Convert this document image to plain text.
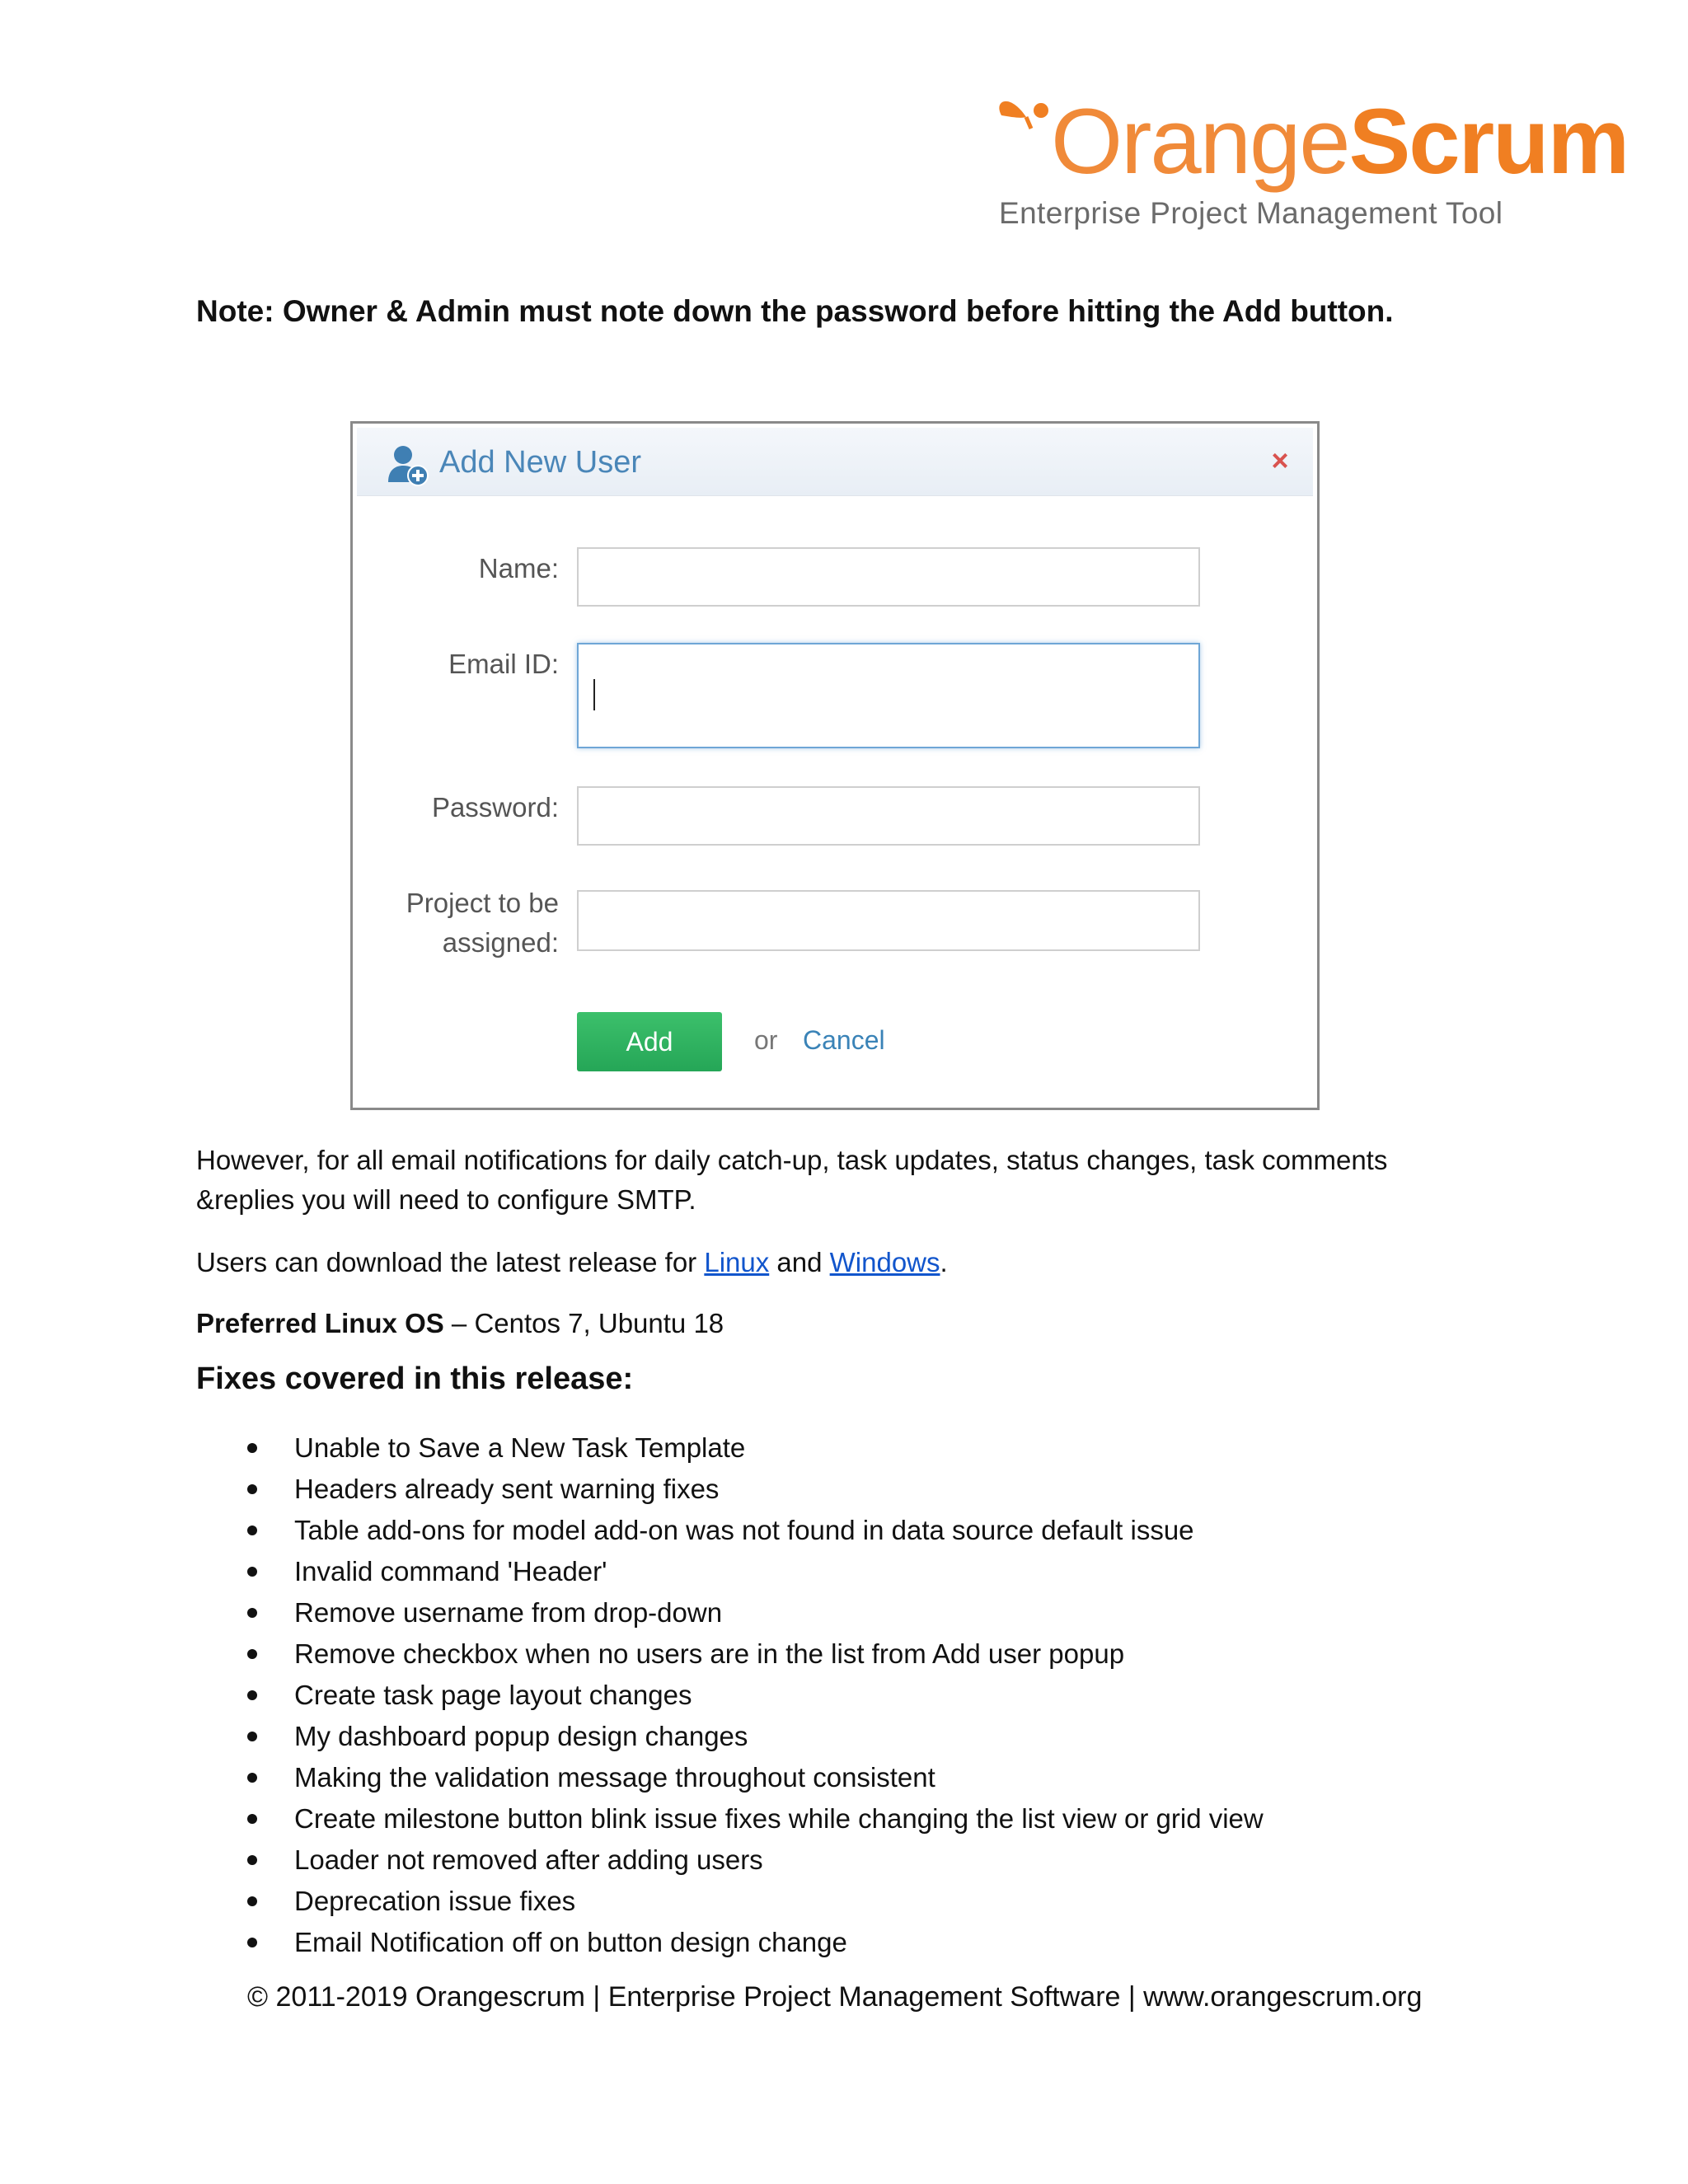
OrangeScrum
Enterprise Project Management Tool
Note: Owner & Admin must note down the password before hitting the Add button.
Add New User	×
Name:
Email ID:
Password:
Project to be
assigned:
Add	or Cancel
However, for all email notifications for daily catch-up, task updates, status changes, task comments
&replies you will need to configure SMTP.
Users can download the latest release for Linux and Windows.
Preferred Linux OS – Centos 7, Ubuntu 18
Fixes covered in this release:
Unable to Save a New Task Template
Headers already sent warning fixes
Table add-ons for model add-on was not found in data source default issue
Invalid command 'Header'
Remove username from drop-down
Remove checkbox when no users are in the list from Add user popup
Create task page layout changes
My dashboard popup design changes
Making the validation message throughout consistent
Create milestone button blink issue fixes while changing the list view or grid view
Loader not removed after adding users
Deprecation issue fixes
Email Notification off on button design change
© 2011-2019 Orangescrum | Enterprise Project Management Software | www.orangescrum.org
